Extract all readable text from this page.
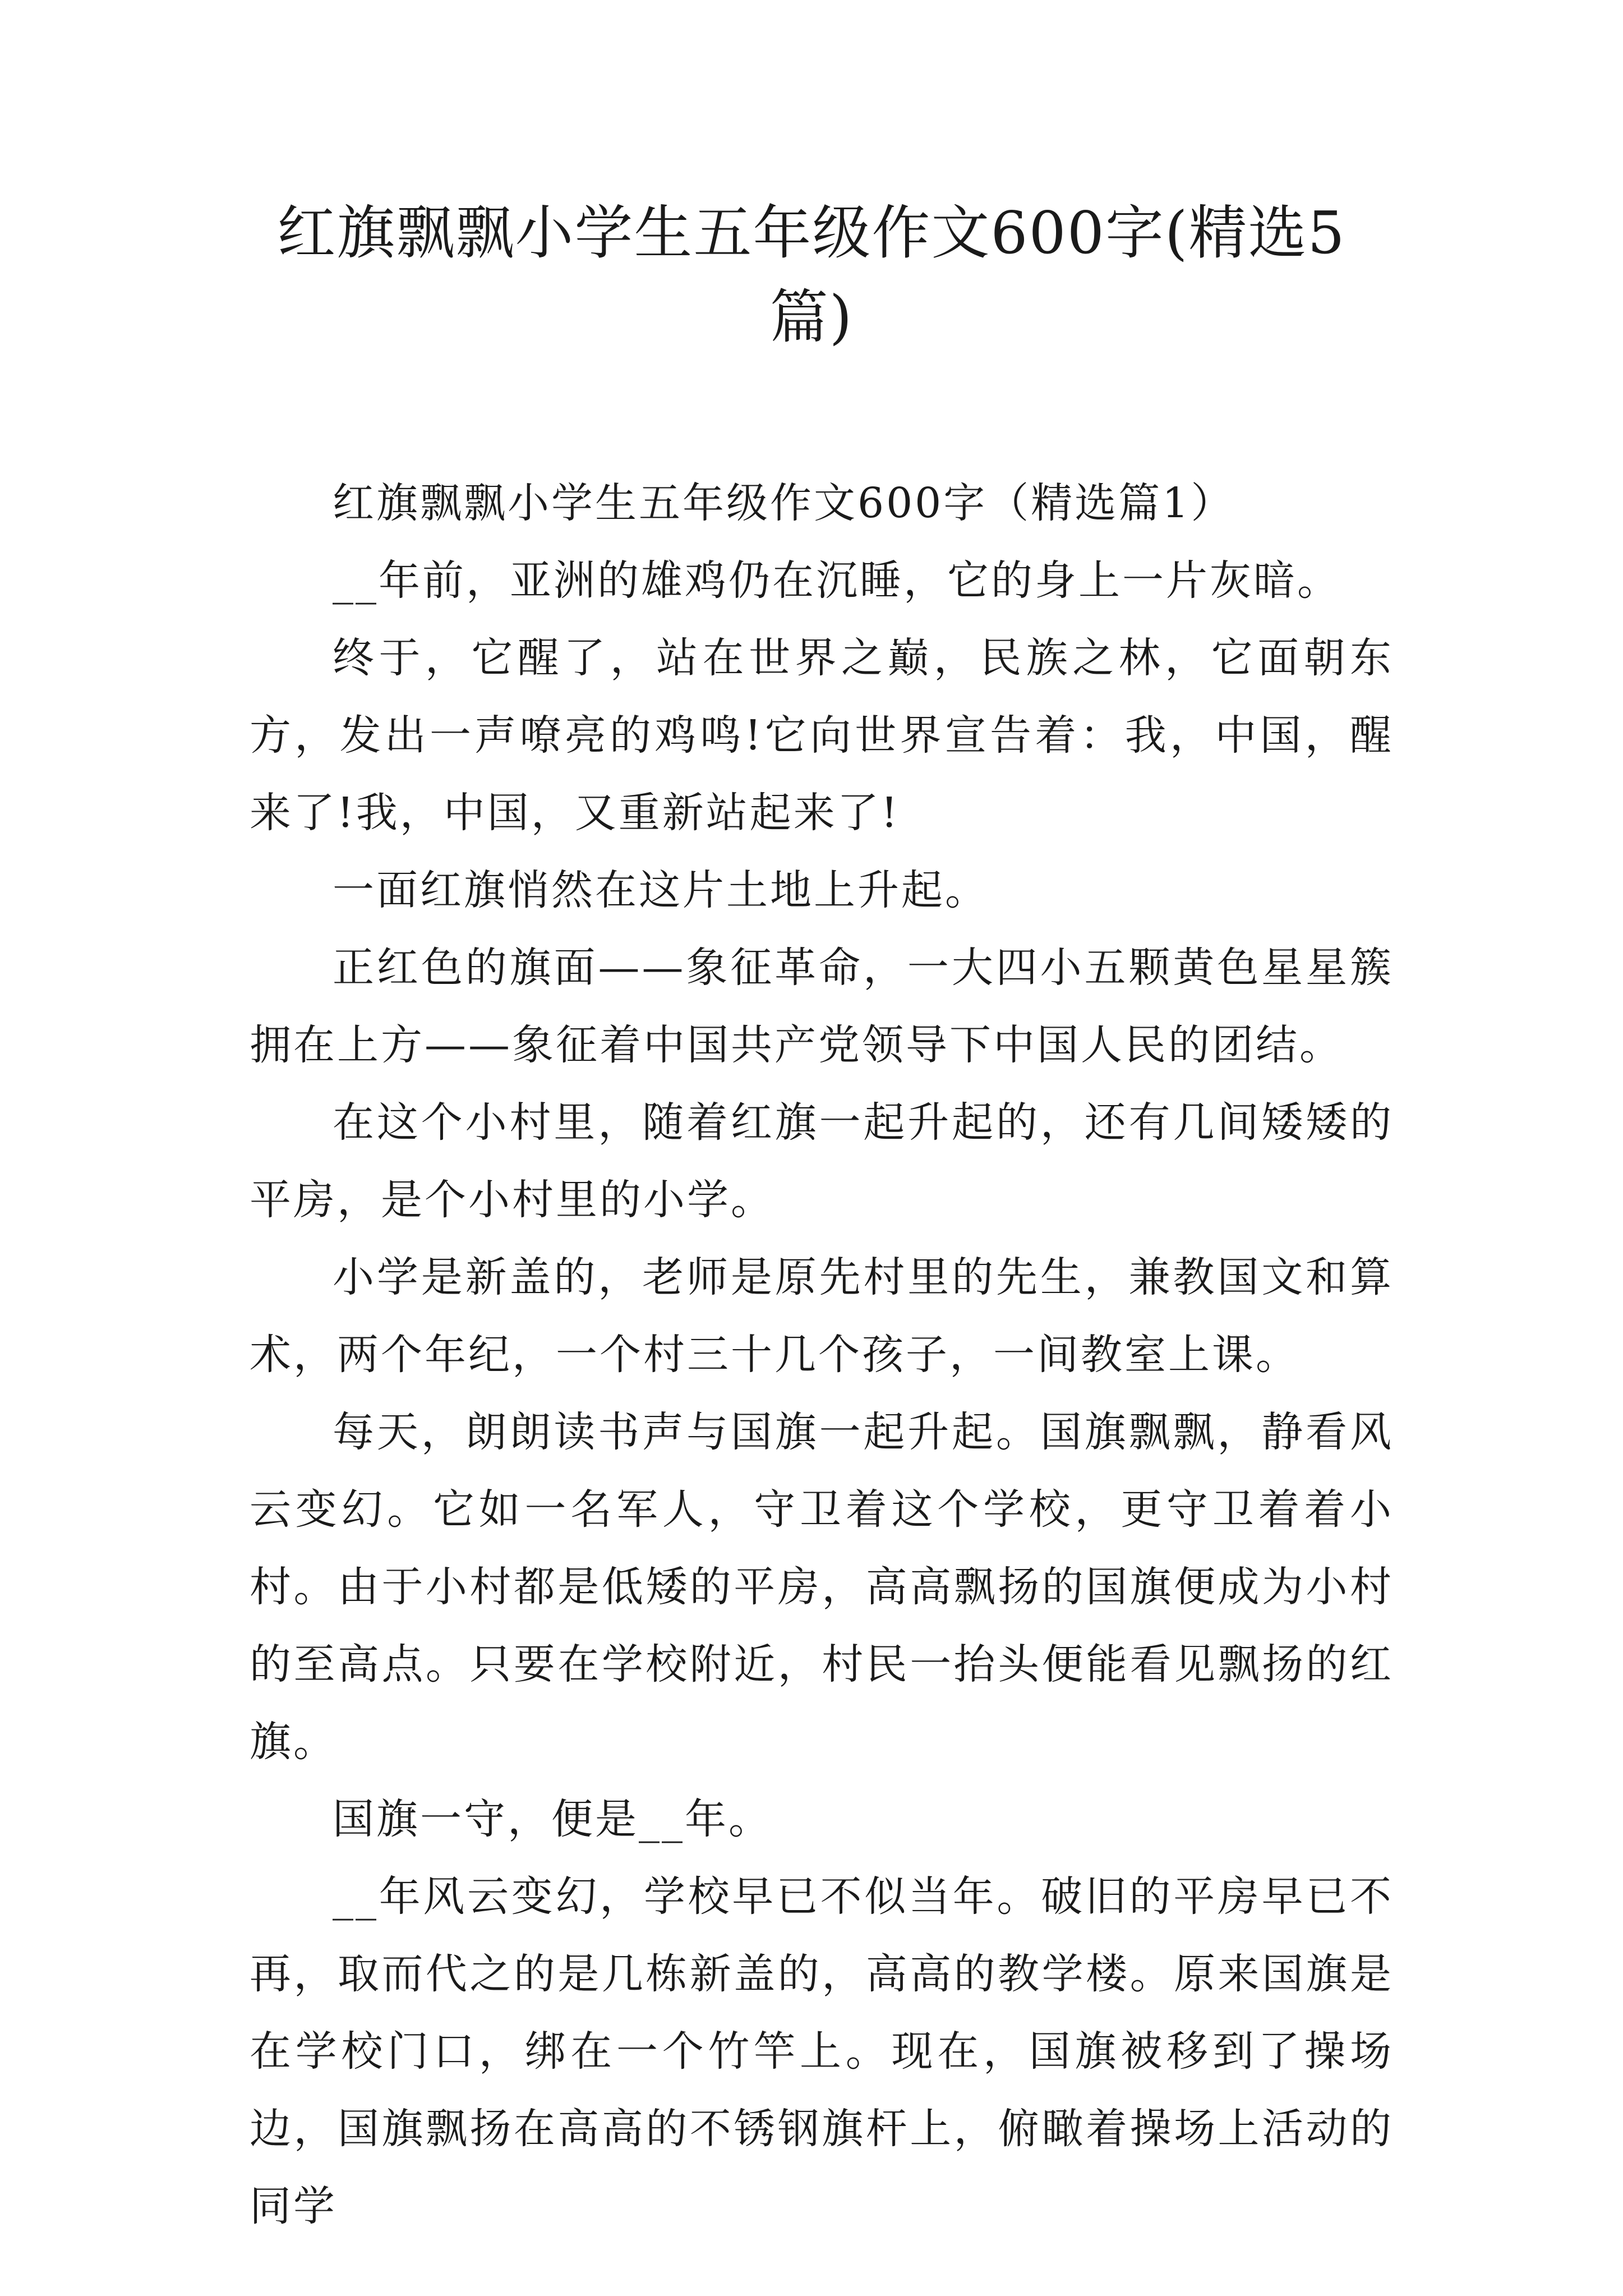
红旗飘飘小学生五年级作文600字(精选5篇)

红旗飘飘小学生五年级作文600字（精选篇1）

__年前，亚洲的雄鸡仍在沉睡，它的身上一片灰暗。

终于，它醒了，站在世界之巅，民族之林，它面朝东方，发出一声嘹亮的鸡鸣!它向世界宣告着：我，中国，醒来了!我，中国，又重新站起来了!

一面红旗悄然在这片土地上升起。

正红色的旗面——象征革命，一大四小五颗黄色星星簇拥在上方——象征着中国共产党领导下中国人民的团结。

在这个小村里，随着红旗一起升起的，还有几间矮矮的平房，是个小村里的小学。

小学是新盖的，老师是原先村里的先生，兼教国文和算术，两个年纪，一个村三十几个孩子，一间教室上课。

每天，朗朗读书声与国旗一起升起。国旗飘飘，静看风云变幻。它如一名军人，守卫着这个学校，更守卫着着小村。由于小村都是低矮的平房，高高飘扬的国旗便成为小村的至高点。只要在学校附近，村民一抬头便能看见飘扬的红旗。

国旗一守，便是__年。

__年风云变幻，学校早已不似当年。破旧的平房早已不再，取而代之的是几栋新盖的，高高的教学楼。原来国旗是在学校门口，绑在一个竹竿上。现在，国旗被移到了操场边，国旗飘扬在高高的不锈钢旗杆上，俯瞰着操场上活动的同学
